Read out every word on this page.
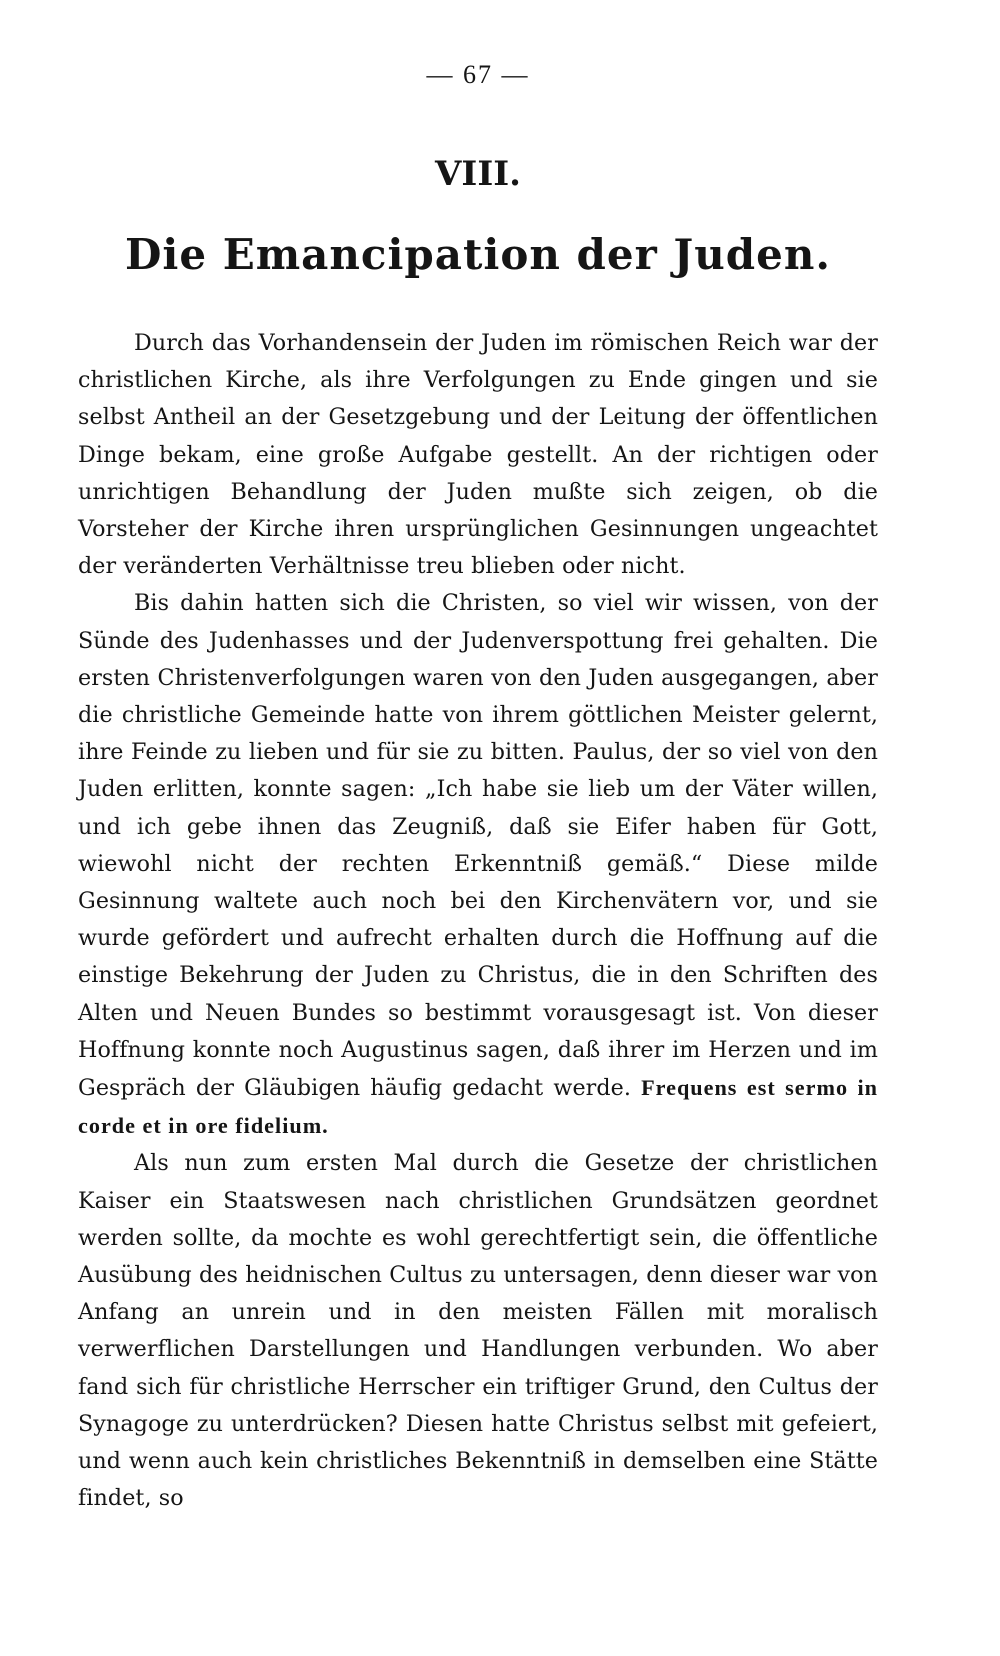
— 67 —
VIII.
Die Emancipation der Juden.

Durch das Vorhandensein der Juden im römischen Reich war der christlichen Kirche, als ihre Verfolgungen zu Ende gingen und sie selbst Antheil an der Gesetzgebung und der Leitung der öffentlichen Dinge bekam, eine große Aufgabe gestellt. An der richtigen oder unrichtigen Behandlung der Juden mußte sich zeigen, ob die Vorsteher der Kirche ihren ursprünglichen Gesinnungen ungeachtet der veränderten Verhältnisse treu blieben oder nicht.

Bis dahin hatten sich die Christen, so viel wir wissen, von der Sünde des Judenhasses und der Judenverspottung frei gehalten. Die ersten Christenverfolgungen waren von den Juden ausgegangen, aber die christliche Gemeinde hatte von ihrem göttlichen Meister gelernt, ihre Feinde zu lieben und für sie zu bitten. Paulus, der so viel von den Juden erlitten, konnte sagen: „Ich habe sie lieb um der Väter willen, und ich gebe ihnen das Zeugniß, daß sie Eifer haben für Gott, wiewohl nicht der rechten Erkenntniß gemäß.“ Diese milde Gesinnung waltete auch noch bei den Kirchenvätern vor, und sie wurde gefördert und aufrecht erhalten durch die Hoffnung auf die einstige Bekehrung der Juden zu Christus, die in den Schriften des Alten und Neuen Bundes so bestimmt vorausgesagt ist. Von dieser Hoffnung konnte noch Augustinus sagen, daß ihrer im Herzen und im Gespräch der Gläubigen häufig gedacht werde. Frequens est sermo in corde et in ore fidelium.

Als nun zum ersten Mal durch die Gesetze der christlichen Kaiser ein Staatswesen nach christlichen Grundsätzen geordnet werden sollte, da mochte es wohl gerechtfertigt sein, die öffentliche Ausübung des heidnischen Cultus zu untersagen, denn dieser war von Anfang an unrein und in den meisten Fällen mit moralisch verwerflichen Darstellungen und Handlungen verbunden. Wo aber fand sich für christliche Herrscher ein triftiger Grund, den Cultus der Synagoge zu unterdrücken? Diesen hatte Christus selbst mit gefeiert, und wenn auch kein christliches Bekenntniß in demselben eine Stätte findet, so
